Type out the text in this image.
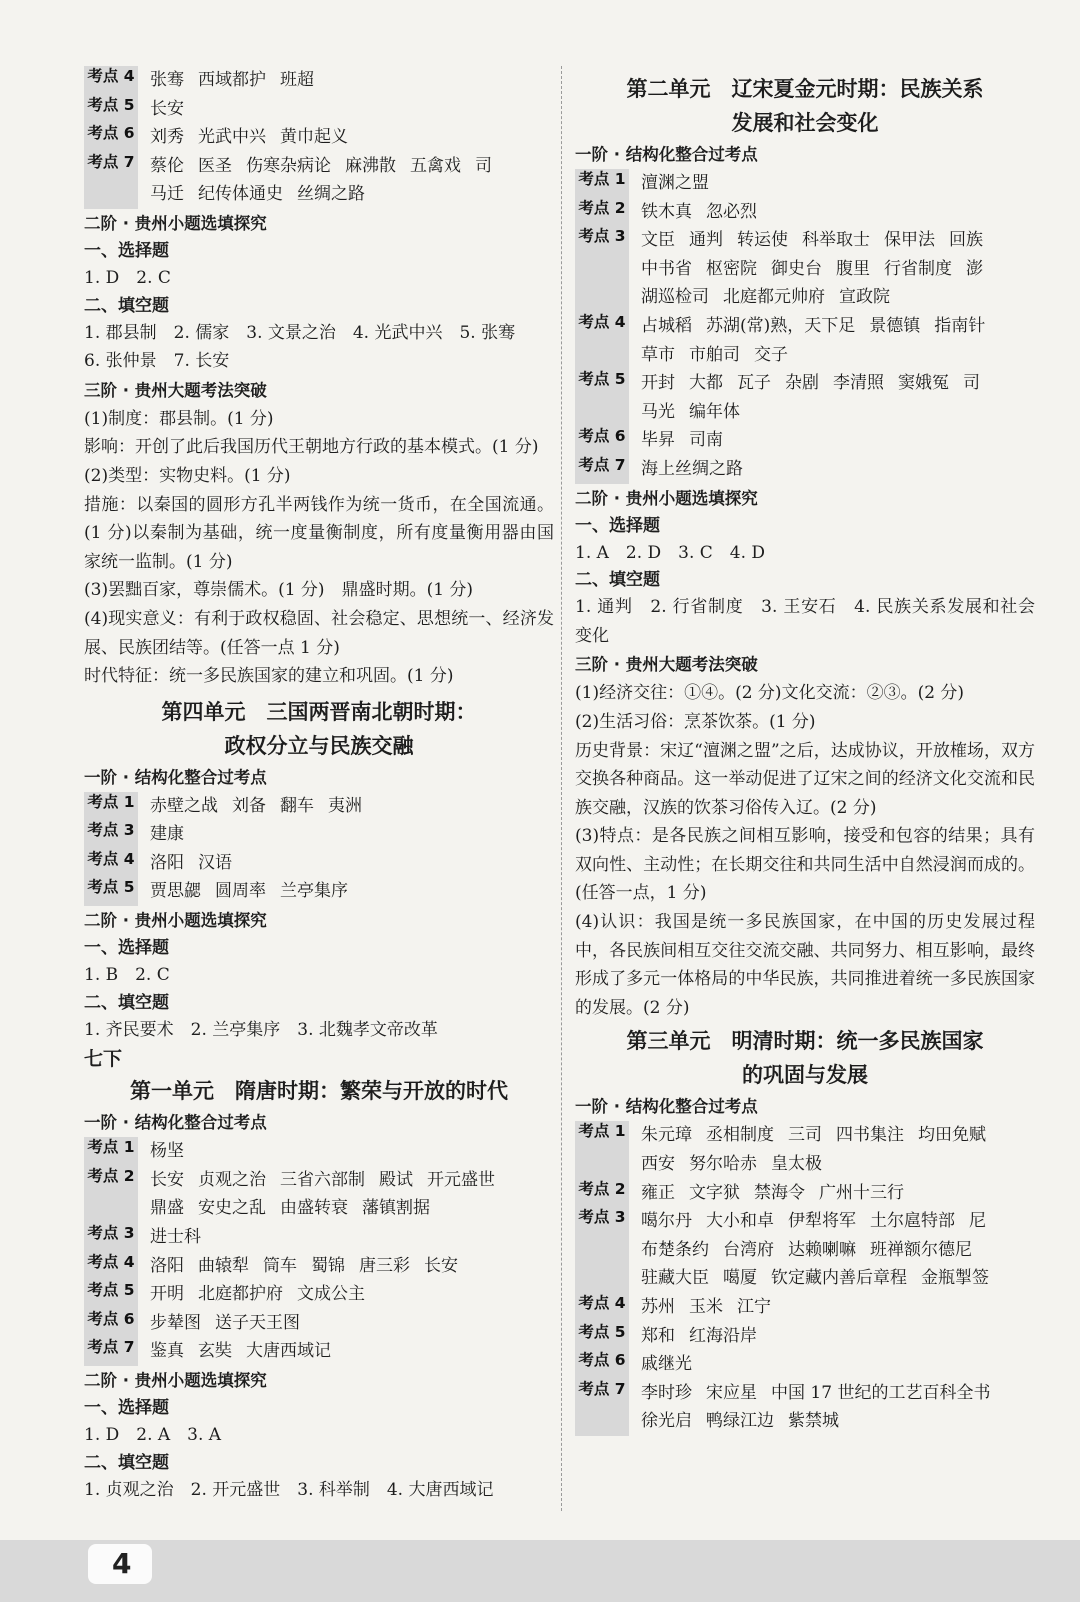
考点 4 张骞 西域都护 班超
考点 5 长安
考点 6 刘秀 光武中兴 黄巾起义
考点 7 蔡伦 医圣 伤寒杂病论 麻沸散 五禽戏 司
马迁 纪传体通史 丝绸之路
二阶 · 贵州小题选填探究
一、选择题
1. D　2. C
二、填空题
1. 郡县制　2. 儒家　3. 文景之治　4. 光武中兴　5. 张骞
6. 张仲景　7. 长安
三阶 · 贵州大题考法突破
(1)制度：郡县制。(1 分)
影响：开创了此后我国历代王朝地方行政的基本模式。(1 分)
(2)类型：实物史料。(1 分)
措施：以秦国的圆形方孔半两钱作为统一货币，在全国流通。(1 分)以秦制为基础，统一度量衡制度，所有度量衡用器由国家统一监制。(1 分)
(3)罢黜百家，尊崇儒术。(1 分)　鼎盛时期。(1 分)
(4)现实意义：有利于政权稳固、社会稳定、思想统一、经济发展、民族团结等。(任答一点 1 分)
时代特征：统一多民族国家的建立和巩固。(1 分)
第四单元　三国两晋南北朝时期：
政权分立与民族交融
一阶 · 结构化整合过考点
考点 1 赤壁之战 刘备 翻车 夷洲
考点 3 建康
考点 4 洛阳 汉语
考点 5 贾思勰 圆周率 兰亭集序
二阶 · 贵州小题选填探究
一、选择题
1. B　2. C
二、填空题
1. 齐民要术　2. 兰亭集序　3. 北魏孝文帝改革
七下
第一单元　隋唐时期：繁荣与开放的时代
一阶 · 结构化整合过考点
考点 1 杨坚
考点 2 长安 贞观之治 三省六部制 殿试 开元盛世
鼎盛 安史之乱 由盛转衰 藩镇割据
考点 3 进士科
考点 4 洛阳 曲辕犁 筒车 蜀锦 唐三彩 长安
考点 5 开明 北庭都护府 文成公主
考点 6 步辇图 送子天王图
考点 7 鉴真 玄奘 大唐西域记
二阶 · 贵州小题选填探究
一、选择题
1. D　2. A　3. A
二、填空题
1. 贞观之治　2. 开元盛世　3. 科举制　4. 大唐西域记
第二单元　辽宋夏金元时期：民族关系
发展和社会变化
一阶 · 结构化整合过考点
考点 1 澶渊之盟
考点 2 铁木真 忽必烈
考点 3 文臣 通判 转运使 科举取士 保甲法 回族
中书省 枢密院 御史台 腹里 行省制度 澎
湖巡检司 北庭都元帅府 宣政院
考点 4 占城稻 苏湖(常)熟，天下足 景德镇 指南针
草市 市舶司 交子
考点 5 开封 大都 瓦子 杂剧 李清照 窦娥冤 司
马光 编年体
考点 6 毕昇 司南
考点 7 海上丝绸之路
二阶 · 贵州小题选填探究
一、选择题
1. A　2. D　3. C　4. D
二、填空题
1. 通判　2. 行省制度　3. 王安石　4. 民族关系发展和社会变化
三阶 · 贵州大题考法突破
(1)经济交往：①④。(2 分)文化交流：②③。(2 分)
(2)生活习俗：烹茶饮茶。(1 分)
历史背景：宋辽“澶渊之盟”之后，达成协议，开放榷场，双方交换各种商品。这一举动促进了辽宋之间的经济文化交流和民族交融，汉族的饮茶习俗传入辽。(2 分)
(3)特点：是各民族之间相互影响，接受和包容的结果；具有双向性、主动性；在长期交往和共同生活中自然浸润而成的。(任答一点，1 分)
(4)认识：我国是统一多民族国家，在中国的历史发展过程中，各民族间相互交往交流交融、共同努力、相互影响，最终形成了多元一体格局的中华民族，共同推进着统一多民族国家的发展。(2 分)
第三单元　明清时期：统一多民族国家
的巩固与发展
一阶 · 结构化整合过考点
考点 1 朱元璋 丞相制度 三司 四书集注 均田免赋
西安 努尔哈赤 皇太极
考点 2 雍正 文字狱 禁海令 广州十三行
考点 3 噶尔丹 大小和卓 伊犁将军 土尔扈特部 尼
布楚条约 台湾府 达赖喇嘛 班禅额尔德尼
驻藏大臣 噶厦 钦定藏内善后章程 金瓶掣签
考点 4 苏州 玉米 江宁
考点 5 郑和 红海沿岸
考点 6 戚继光
考点 7 李时珍 宋应星 中国 17 世纪的工艺百科全书
徐光启 鸭绿江边 紫禁城
4
